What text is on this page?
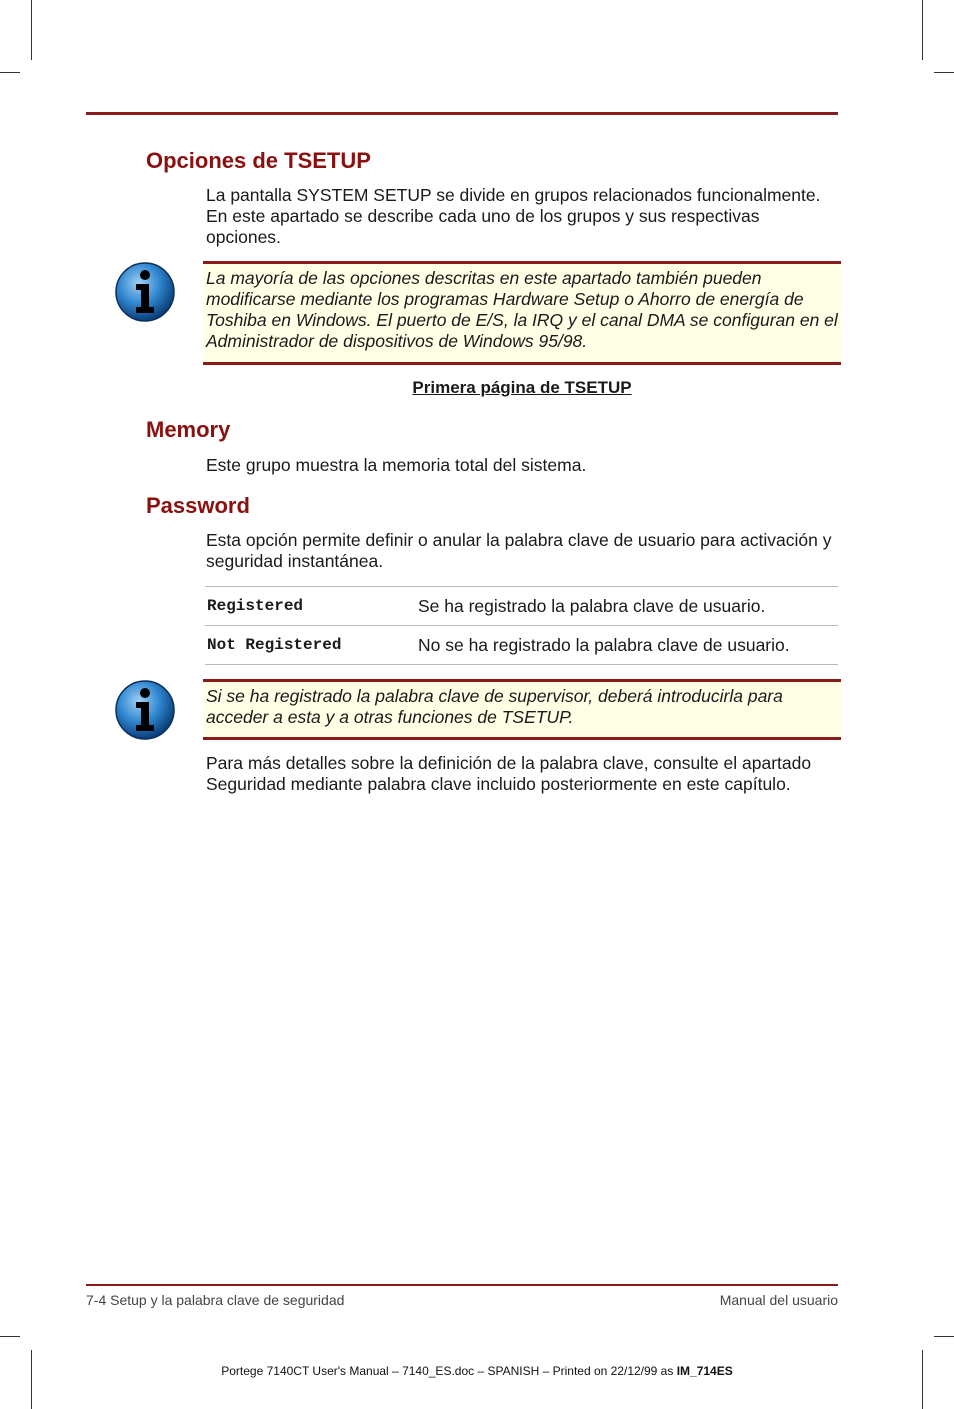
Opciones de TSETUP

La pantalla SYSTEM SETUP se divide en grupos relacionados funcionalmente. En este apartado se describe cada uno de los grupos y sus respectivas opciones.

La mayoría de las opciones descritas en este apartado también pueden modificarse mediante los programas Hardware Setup o Ahorro de energía de Toshiba en Windows. El puerto de E/S, la IRQ y el canal DMA se configuran en el Administrador de dispositivos de Windows 95/98.

Primera página de TSETUP

Memory

Este grupo muestra la memoria total del sistema.

Password

Esta opción permite definir o anular la palabra clave de usuario para activación y seguridad instantánea.

Registered	Se ha registrado la palabra clave de usuario.
Not Registered	No se ha registrado la palabra clave de usuario.

Si se ha registrado la palabra clave de supervisor, deberá introducirla para acceder a esta y a otras funciones de TSETUP.

Para más detalles sobre la definición de la palabra clave, consulte el apartado Seguridad mediante palabra clave incluido posteriormente en este capítulo.

7-4 Setup y la palabra clave de seguridad	Manual del usuario

Portege 7140CT User's Manual – 7140_ES.doc – SPANISH – Printed on 22/12/99 as IM_714ES
